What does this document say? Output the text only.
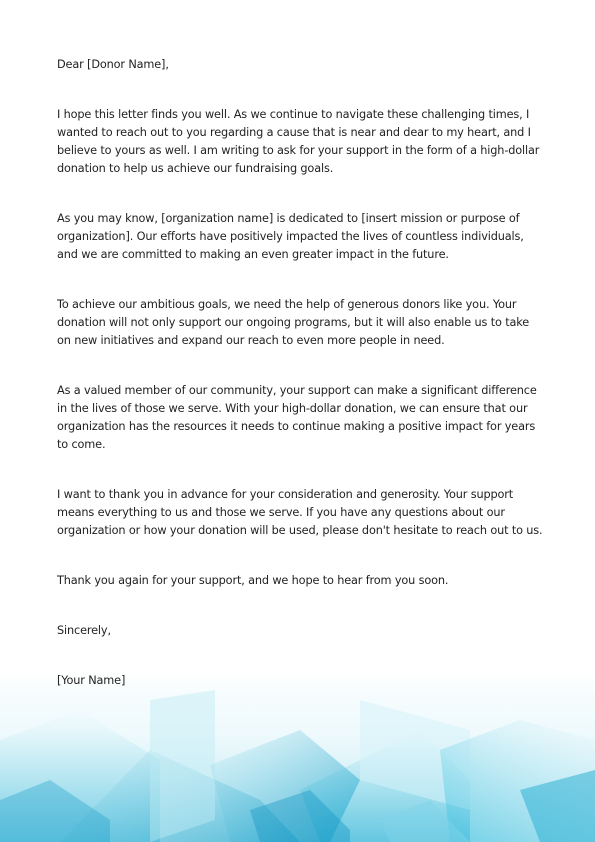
Dear [Donor Name],

I hope this letter finds you well. As we continue to navigate these challenging times, I wanted to reach out to you regarding a cause that is near and dear to my heart, and I believe to yours as well. I am writing to ask for your support in the form of a high-dollar donation to help us achieve our fundraising goals.

As you may know, [organization name] is dedicated to [insert mission or purpose of organization]. Our efforts have positively impacted the lives of countless individuals, and we are committed to making an even greater impact in the future.

To achieve our ambitious goals, we need the help of generous donors like you. Your donation will not only support our ongoing programs, but it will also enable us to take on new initiatives and expand our reach to even more people in need.

As a valued member of our community, your support can make a significant difference in the lives of those we serve. With your high-dollar donation, we can ensure that our organization has the resources it needs to continue making a positive impact for years to come.

I want to thank you in advance for your consideration and generosity. Your support means everything to us and those we serve. If you have any questions about our organization or how your donation will be used, please don't hesitate to reach out to us.

Thank you again for your support, and we hope to hear from you soon.

Sincerely,

[Your Name]
